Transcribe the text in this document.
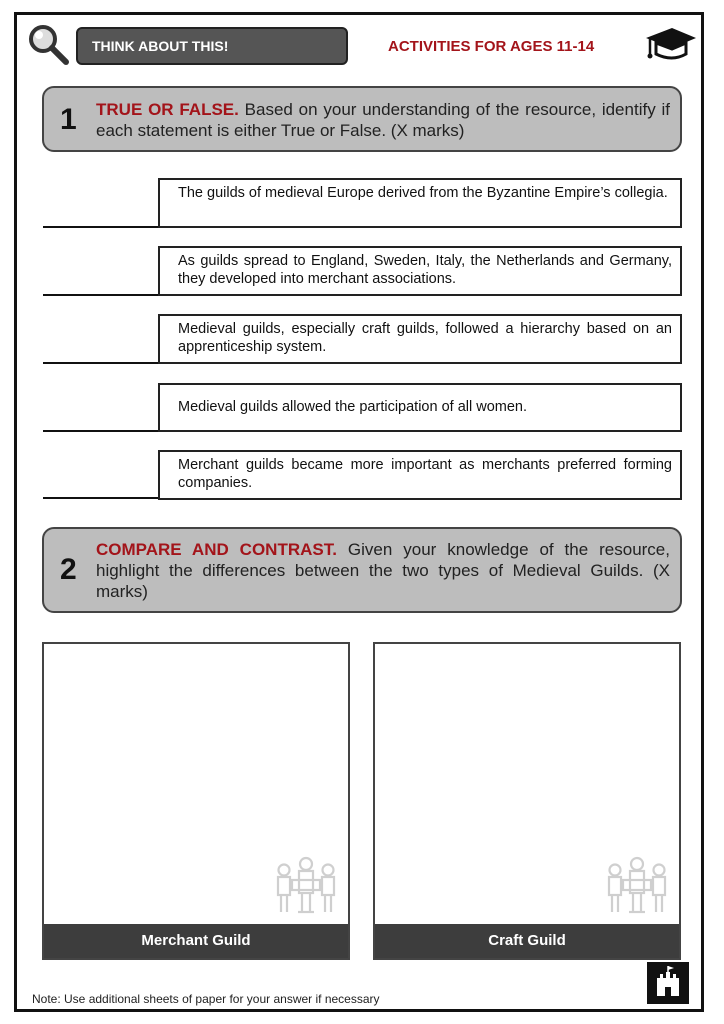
THINK ABOUT THIS!	ACTIVITIES FOR AGES 11-14
1 TRUE OR FALSE. Based on your understanding of the resource, identify if each statement is either True or False. (X marks)
The guilds of medieval Europe derived from the Byzantine Empire’s collegia.
As guilds spread to England, Sweden, Italy, the Netherlands and Germany, they developed into merchant associations.
Medieval guilds, especially craft guilds, followed a hierarchy based on an apprenticeship system.
Medieval guilds allowed the participation of all women.
Merchant guilds became more important as merchants preferred forming companies.
2
COMPARE AND CONTRAST. Given your knowledge of the resource, highlight the differences between the two types of Medieval Guilds. (X marks)
Merchant Guild	Craft Guild
Note: Use additional sheets of paper for your answer if necessary
